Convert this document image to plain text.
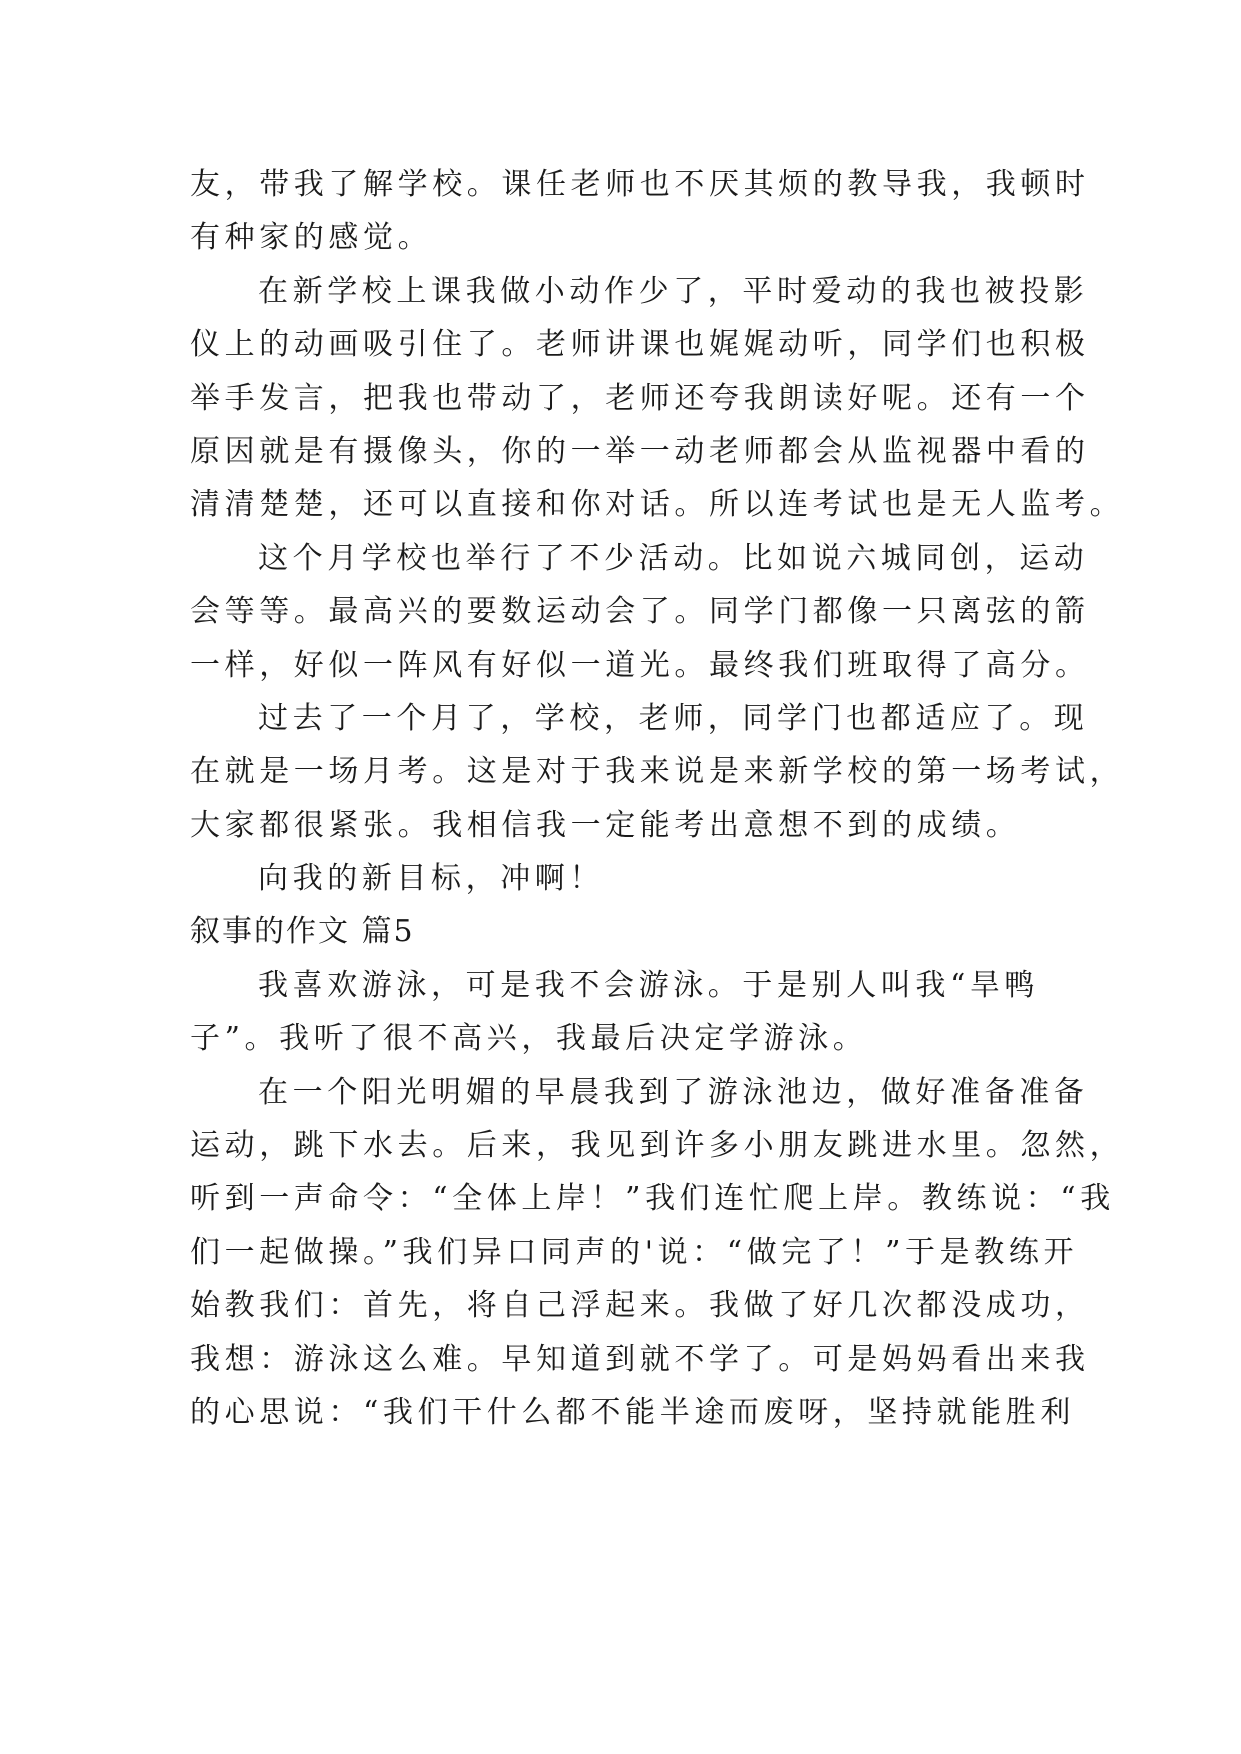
友，带我了解学校。课任老师也不厌其烦的教导我，我顿时
有种家的感觉。
在新学校上课我做小动作少了，平时爱动的我也被投影
仪上的动画吸引住了。老师讲课也娓娓动听，同学们也积极
举手发言，把我也带动了，老师还夸我朗读好呢。还有一个
原因就是有摄像头，你的一举一动老师都会从监视器中看的
清清楚楚，还可以直接和你对话。所以连考试也是无人监考。
这个月学校也举行了不少活动。比如说六城同创，运动
会等等。最高兴的要数运动会了。同学门都像一只离弦的箭
一样，好似一阵风有好似一道光。最终我们班取得了高分。
过去了一个月了，学校，老师，同学门也都适应了。现
在就是一场月考。这是对于我来说是来新学校的第一场考试，
大家都很紧张。我相信我一定能考出意想不到的成绩。
向我的新目标，冲啊！
叙事的作文 篇5
我喜欢游泳，可是我不会游泳。于是别人叫我“旱鸭
子”。我听了很不高兴，我最后决定学游泳。
在一个阳光明媚的早晨我到了游泳池边，做好准备准备
运动，跳下水去。后来，我见到许多小朋友跳进水里。忽然，
听到一声命令：“全体上岸！”我们连忙爬上岸。教练说：“我
们一起做操。”我们异口同声的'说：“做完了！”于是教练开
始教我们：首先，将自己浮起来。我做了好几次都没成功，
我想：游泳这么难。早知道到就不学了。可是妈妈看出来我
的心思说：“我们干什么都不能半途而废呀，坚持就能胜利
